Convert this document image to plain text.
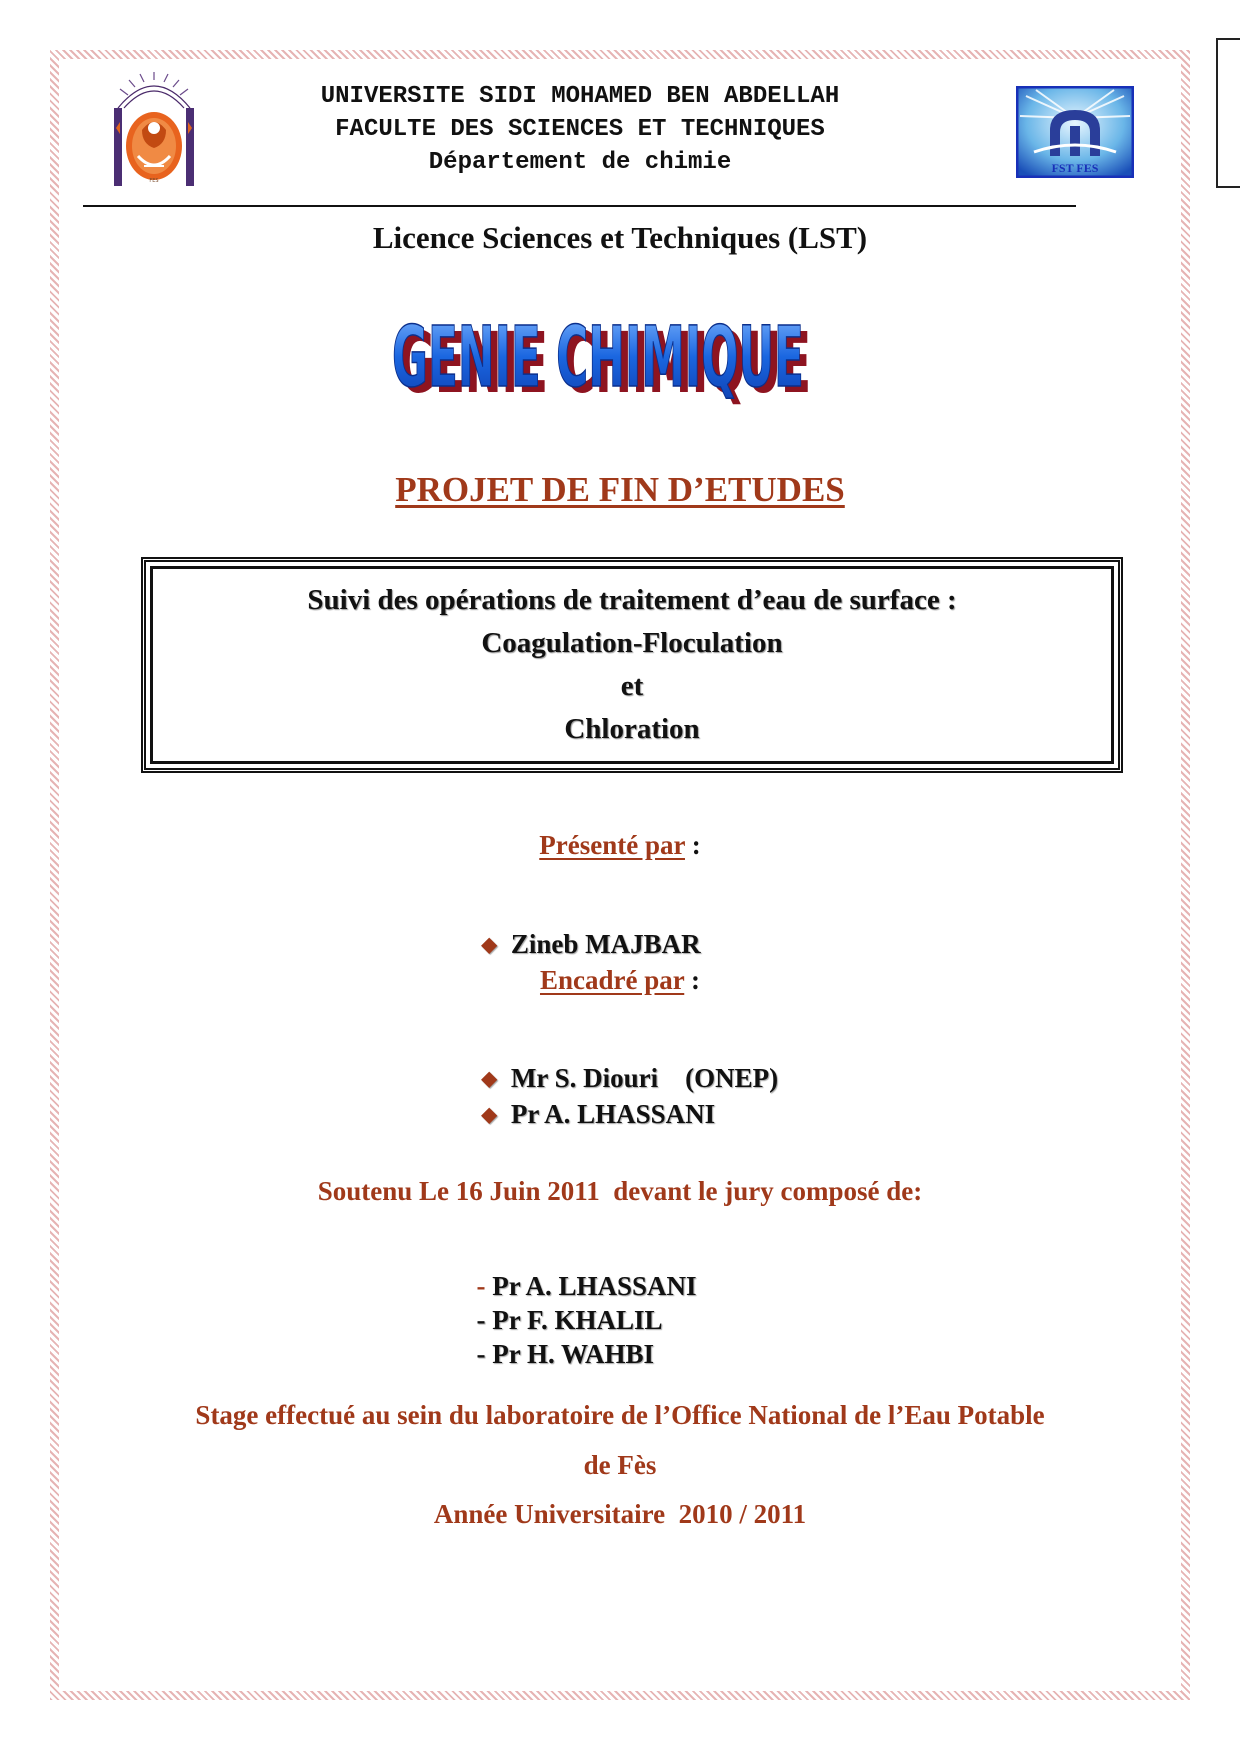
FES
UNIVERSITE SIDI MOHAMED BEN ABDELLAH
FACULTE DES SCIENCES ET TECHNIQUES
Département de chimie	FST FES
Licence Sciences et Techniques (LST)
GENIE CHIMIQUE
GENIE CHIMIQUE
PROJET DE FIN D’ETUDES
Suivi des opérations de traitement d’eau de surface :
Coagulation-Floculation
et
Chloration
Présenté par :

◆ Zineb MAJBAR

Encadré par :

◆ Mr S. Diouri    (ONEP)

◆ Pr A. LHASSANI

Soutenu Le 16 Juin 2011  devant le jury composé de:

- Pr A. LHASSANI

- Pr F. KHALIL

- Pr H. WAHBI

Stage effectué au sein du laboratoire de l’Office National de l’Eau Potable
de Fès
Année Universitaire  2010 / 2011
